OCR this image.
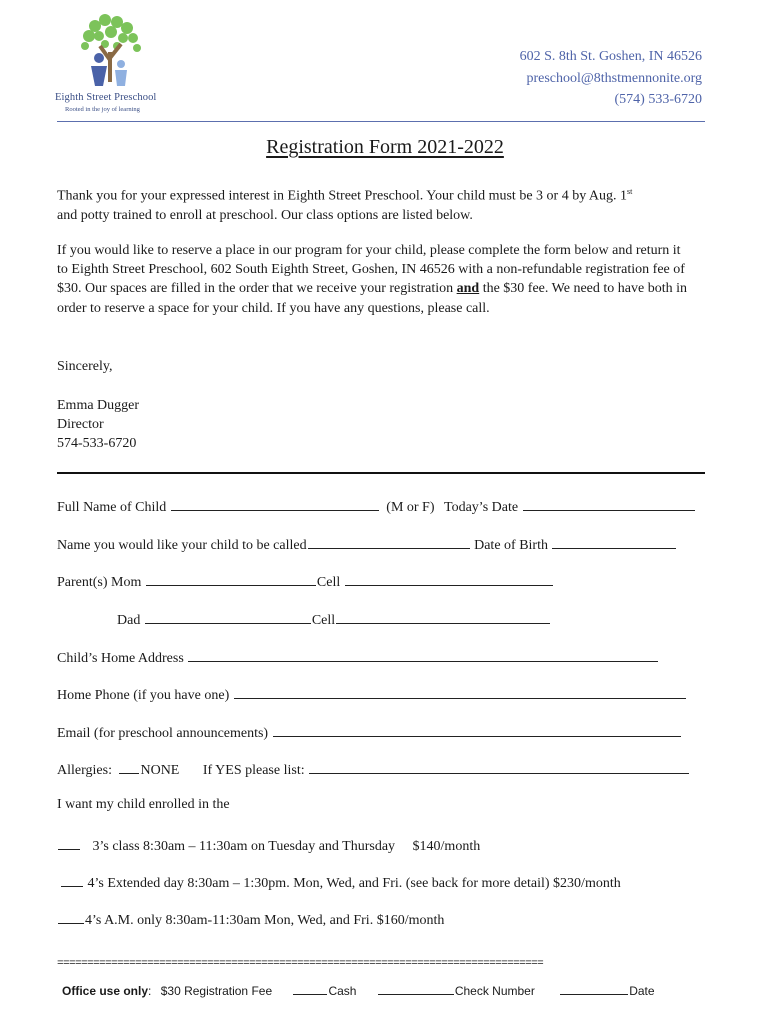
Eighth Street Preschool
Rooted in the joy of learning
602 S. 8th St. Goshen, IN 46526
preschool@8thstmennonite.org
(574) 533-6720
Registration Form 2021-2022

Thank you for your expressed interest in Eighth Street Preschool. Your child must be 3 or 4 by Aug. 1st

and potty trained to enroll at preschool. Our class options are listed below.

If you would like to reserve a place in our program for your child, please complete the form below and return it to Eighth Street Preschool, 602 South Eighth Street, Goshen, IN 46526 with a non-refundable registration fee of $30. Our spaces are filled in the order that we receive your registration and the $30 fee. We need to have both in order to reserve a space for your child. If you have any questions, please call.

Sincerely,

Emma Dugger

Director

574-533-6720

Full Name of Child	(M or F) Today’s Date
Name you would like your child to be called	Date of Birth
Parent(s) Mom	Cell
Dad	Cell
Child’s Home Address
Home Phone (if you have one)
Email (for preschool announcements)
Allergies: NONE If YES please list:
I want my child enrolled in the
3’s class 8:30am – 11:30am on Tuesday and Thursday $140/month
4’s Extended day 8:30am – 1:30pm. Mon, Wed, and Fri. (see back for more detail) $230/month
4’s A.M. only 8:30am-11:30am Mon, Wed, and Fri. $160/month
=================================================================================
Office use only: $30 Registration Fee	Cash	Check Number	Date
